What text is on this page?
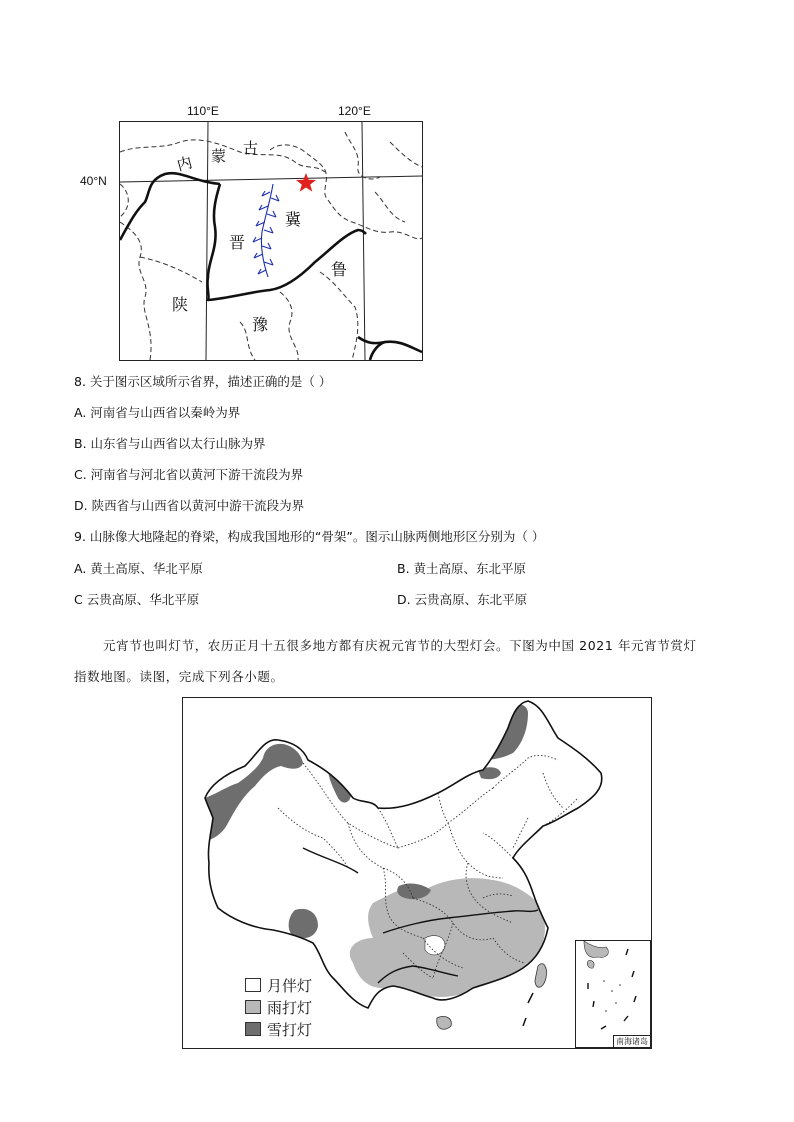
110°E	120°E
40°N
内 蒙 古
晋
冀
鲁
陕
豫
8. 关于图示区域所示省界，描述正确的是（ ）
A. 河南省与山西省以秦岭为界
B. 山东省与山西省以太行山脉为界
C. 河南省与河北省以黄河下游干流段为界
D. 陕西省与山西省以黄河中游干流段为界
9. 山脉像大地隆起的脊梁，构成我国地形的“骨架”。图示山脉两侧地形区分别为（ ）
A. 黄土高原、华北平原	B. 黄土高原、东北平原
C 云贵高原、华北平原	D. 云贵高原、东北平原
元宵节也叫灯节，农历正月十五很多地方都有庆祝元宵节的大型灯会。下图为中国 2021 年元宵节赏灯
指数地图。读图，完成下列各小题。
南海诸岛
月伴灯
雨打灯
雪打灯
